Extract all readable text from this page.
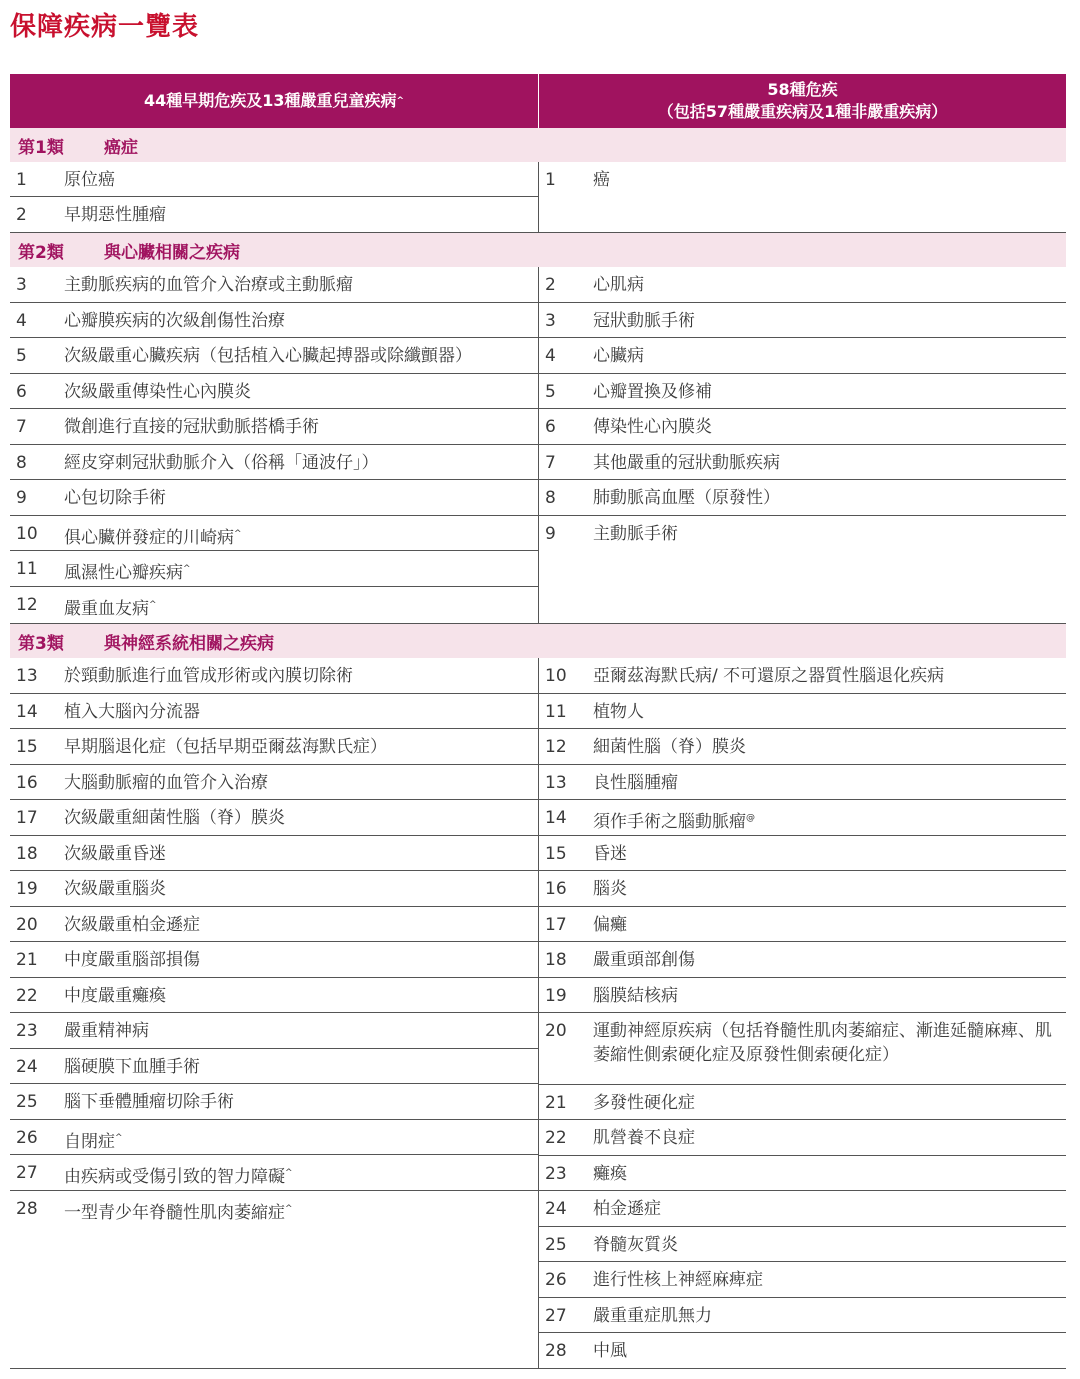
保障疾病一覽表
44種早期危疾及13種嚴重兒童疾病 ^
58種危疾
（包括57種嚴重疾病及1種非嚴重疾病）
第1類	癌症
1	原位癌
2	早期惡性腫瘤
1	癌
第2類	與心臟相關之疾病
3	主動脈疾病的血管介入治療或主動脈瘤
4	心瓣膜疾病的次級創傷性治療
5	次級嚴重心臟疾病（包括植入心臟起搏器或除纖顫器）
6	次級嚴重傳染性心內膜炎
7	微創進行直接的冠狀動脈搭橋手術
8	經皮穿刺冠狀動脈介入（俗稱「通波仔」）
9	心包切除手術
10	俱心臟併發症的川崎病^
11	風濕性心瓣疾病^
12	嚴重血友病^
2	心肌病
3	冠狀動脈手術
4	心臟病
5	心瓣置換及修補
6	傳染性心內膜炎
7	其他嚴重的冠狀動脈疾病
8	肺動脈高血壓（原發性）
9	主動脈手術
第3類	與神經系統相關之疾病
13	於頸動脈進行血管成形術或內膜切除術
14	植入大腦內分流器
15	早期腦退化症（包括早期亞爾茲海默氏症）
16	大腦動脈瘤的血管介入治療
17	次級嚴重細菌性腦（脊）膜炎
18	次級嚴重昏迷
19	次級嚴重腦炎
20	次級嚴重柏金遜症
21	中度嚴重腦部損傷
22	中度嚴重癱瘓
23	嚴重精神病
24	腦硬膜下血腫手術
25	腦下垂體腫瘤切除手術
26	自閉症^
27	由疾病或受傷引致的智力障礙^
28	一型青少年脊髓性肌肉萎縮症^
10	亞爾茲海默氏病/ 不可還原之器質性腦退化疾病
11	植物人
12	細菌性腦（脊）膜炎
13	良性腦腫瘤
14	須作手術之腦動脈瘤@
15	昏迷
16	腦炎
17	偏癱
18	嚴重頭部創傷
19	腦膜結核病
20	運動神經原疾病（包括脊髓性肌肉萎縮症、漸進延髓麻痺、肌萎縮性側索硬化症及原發性側索硬化症）
21	多發性硬化症
22	肌營養不良症
23	癱瘓
24	柏金遜症
25	脊髓灰質炎
26	進行性核上神經麻痺症
27	嚴重重症肌無力
28	中風
